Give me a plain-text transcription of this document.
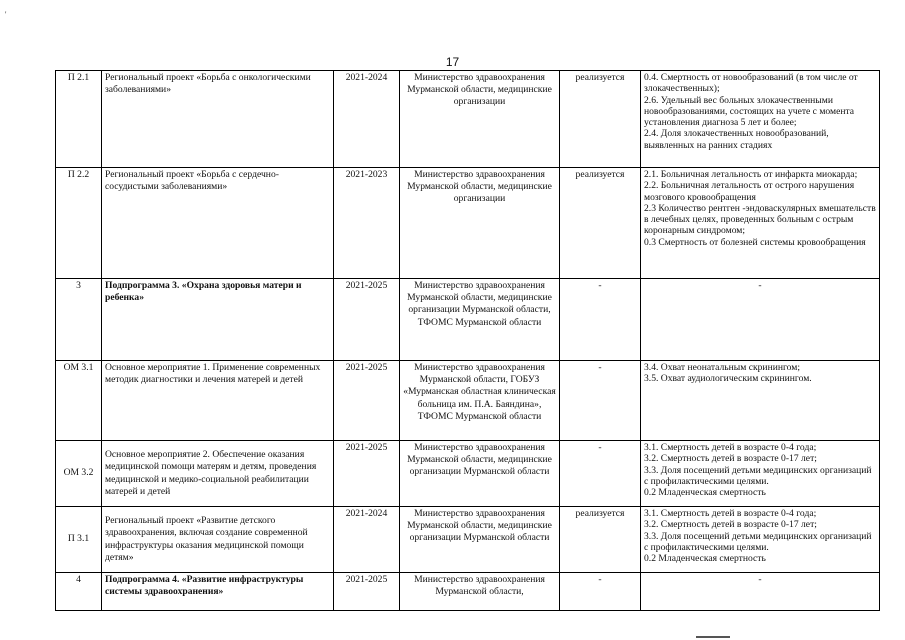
'
17
П 2.1	Региональный проект «Борьба с онкологическими заболеваниями»	2021-2024	Министерство здравоохранения Мурманской области, медицинские организации	реализуется	0.4. Смертность от новообразований (в том числе от злокачественных);
2.6. Удельный вес больных злокачественными новообразованиями, состоящих на учете с момента установления диагноза 5 лет и более;
2.4. Доля злокачественных новообразований, выявленных на ранних стадиях

П 2.2	Региональный проект «Борьба с сердечно-сосудистыми заболеваниями»	2021-2023	Министерство здравоохранения Мурманской области, медицинские организации	реализуется	2.1. Больничная летальность от инфаркта миокарда;
2.2. Больничная летальность от острого нарушения мозгового кровообращения
2.3 Количество рентген -эндоваскулярных вмешательств в лечебных целях, проведенных больным с острым коронарным синдромом;
0.3 Смертность от болезней системы кровообращения

3	Подпрограмма 3. «Охрана здоровья матери и ребенка»	2021-2025	Министерство здравоохранения Мурманской области, медицинские организации Мурманской области, ТФОМС Мурманской области	-	-
ОМ 3.1	Основное мероприятие 1. Применение современных методик диагностики и лечения матерей и детей	2021-2025	Министерство здравоохранения Мурманской области, ГОБУЗ «Мурманская областная клиническая больница им. П.А. Баяндина», ТФОМС Мурманской области	-	3.4. Охват неонатальным скринингом;
3.5. Охват аудиологическим скринингом.

ОМ 3.2	Основное мероприятие 2. Обеспечение оказания медицинской помощи матерям и детям, проведения медицинской и медико-социальной реабилитации матерей и детей	2021-2025	Министерство здравоохранения Мурманской области, медицинские организации Мурманской области	-	3.1. Смертность детей в возрасте 0-4 года;
3.2. Смертность детей в возрасте 0-17 лет;
3.3. Доля посещений детьми медицинских организаций с профилактическими целями.
0.2 Младенческая смертность

П 3.1	Региональный проект «Развитие детского здравоохранения, включая создание современной инфраструктуры оказания медицинской помощи детям»	2021-2024	Министерство здравоохранения Мурманской области, медицинские организации Мурманской области	реализуется	3.1. Смертность детей в возрасте 0-4 года;
3.2. Смертность детей в возрасте 0-17 лет;
3.3. Доля посещений детьми медицинских организаций с профилактическими целями.
0.2 Младенческая смертность

4	Подпрограмма 4. «Развитие инфраструктуры системы здравоохранения»	2021-2025	Министерство здравоохранения Мурманской области,	-	-
